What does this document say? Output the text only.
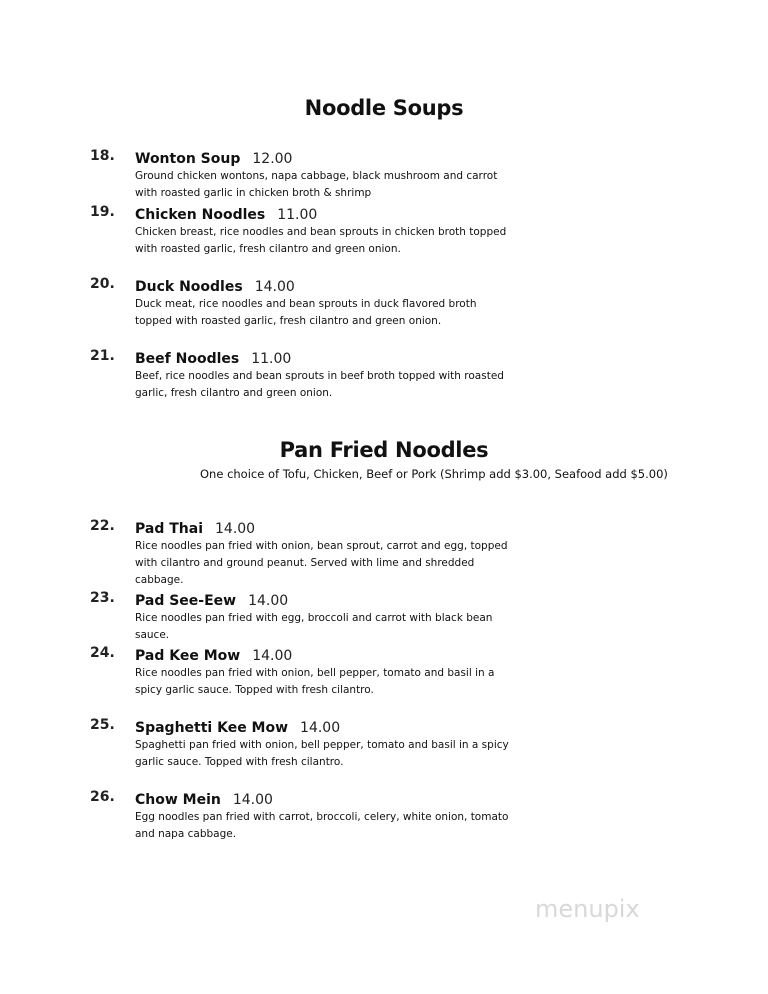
Noodle Soups
18. Wonton Soup 12.00
Ground chicken wontons, napa cabbage, black mushroom and carrot with roasted garlic in chicken broth & shrimp
19. Chicken Noodles 11.00
Chicken breast, rice noodles and bean sprouts in chicken broth topped with roasted garlic, fresh cilantro and green onion.
20. Duck Noodles 14.00
Duck meat, rice noodles and bean sprouts in duck flavored broth topped with roasted garlic, fresh cilantro and green onion.
21. Beef Noodles 11.00
Beef, rice noodles and bean sprouts in beef broth topped with roasted garlic, fresh cilantro and green onion.
Pan Fried Noodles
One choice of Tofu, Chicken, Beef or Pork (Shrimp add $3.00, Seafood add $5.00)
22. Pad Thai 14.00
Rice noodles pan fried with onion, bean sprout, carrot and egg, topped with cilantro and ground peanut. Served with lime and shredded cabbage.
23. Pad See-Eew 14.00
Rice noodles pan fried with egg, broccoli and carrot with black bean sauce.
24. Pad Kee Mow 14.00
Rice noodles pan fried with onion, bell pepper, tomato and basil in a spicy garlic sauce. Topped with fresh cilantro.
25. Spaghetti Kee Mow 14.00
Spaghetti pan fried with onion, bell pepper, tomato and basil in a spicy garlic sauce. Topped with fresh cilantro.
26. Chow Mein 14.00
Egg noodles pan fried with carrot, broccoli, celery, white onion, tomato and napa cabbage.
menupix
